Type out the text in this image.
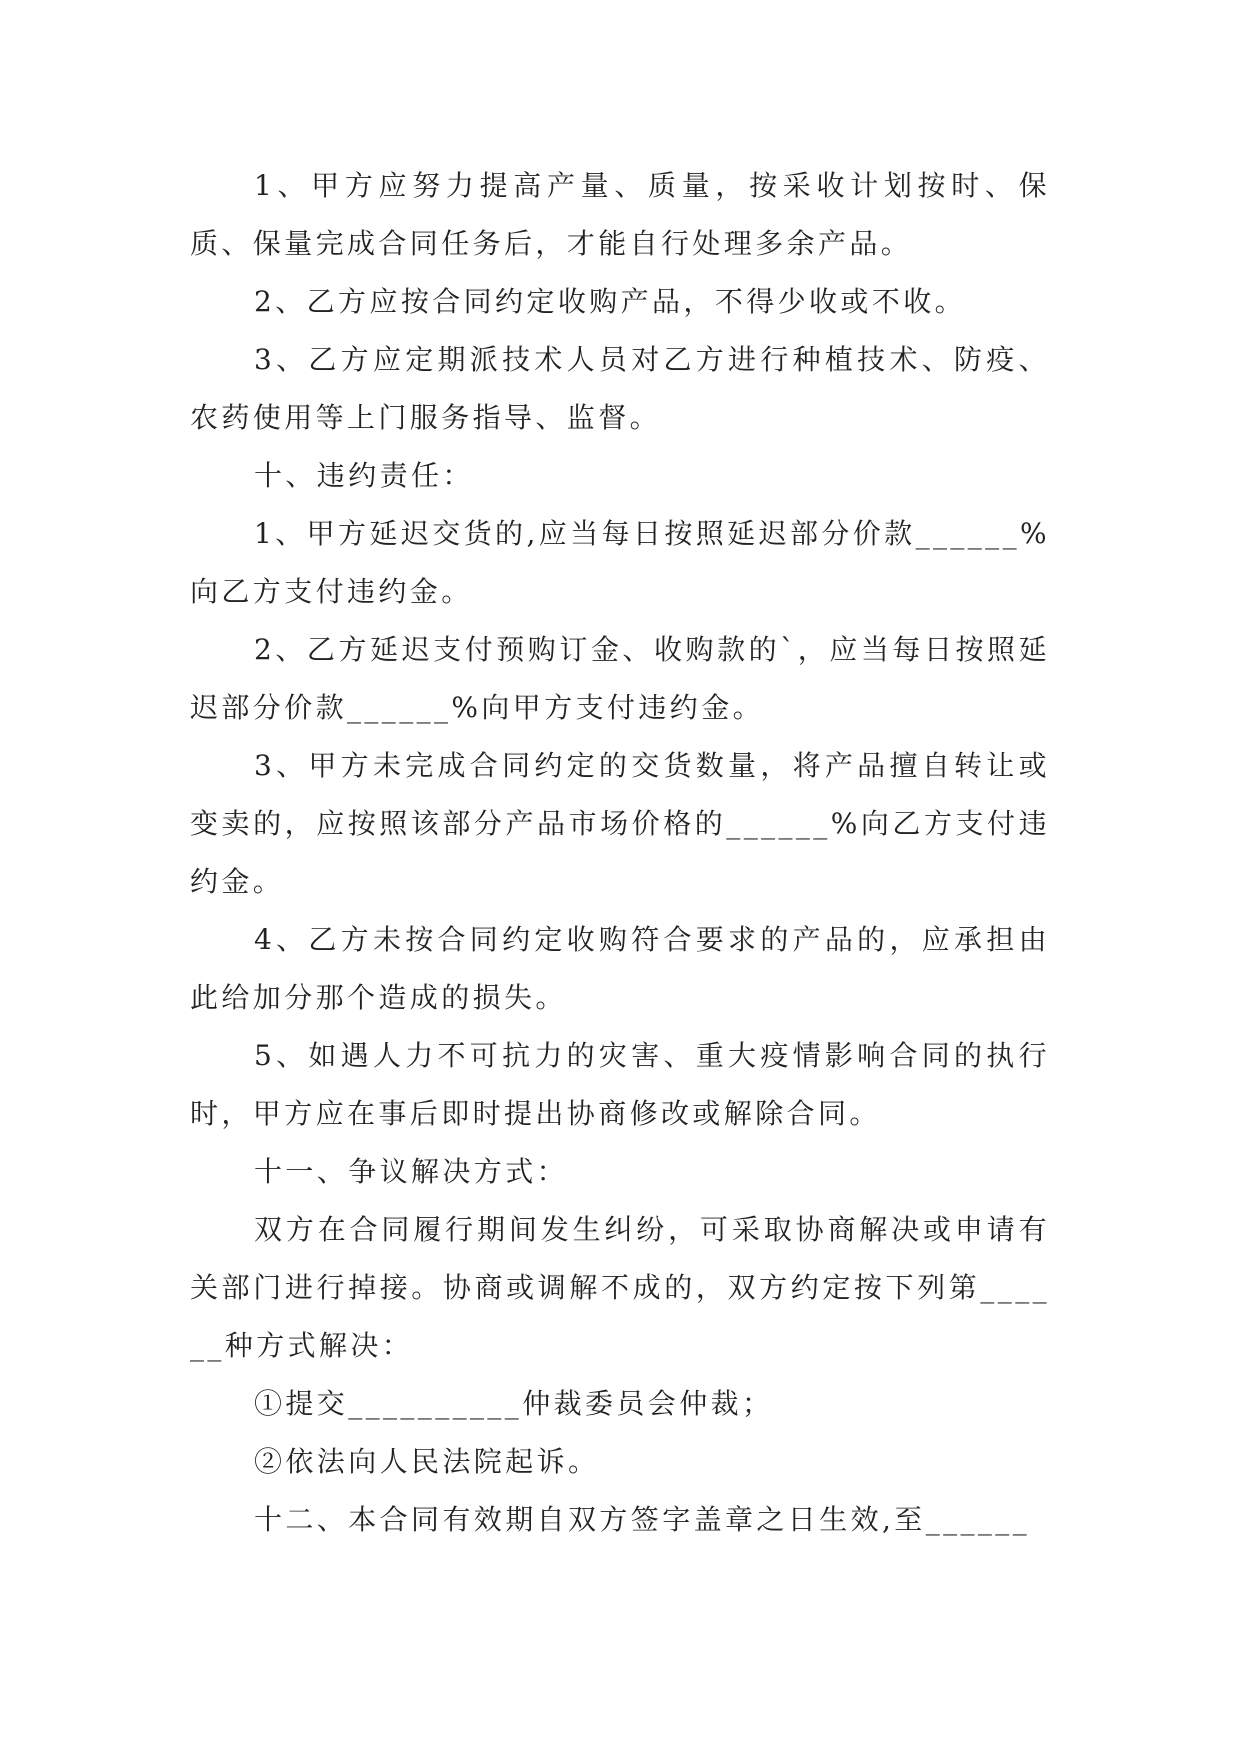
1、甲方应努力提高产量、质量，按采收计划按时、保质、保量完成合同任务后，才能自行处理多余产品。

2、乙方应按合同约定收购产品，不得少收或不收。

3、乙方应定期派技术人员对乙方进行种植技术、防疫、农药使用等上门服务指导、监督。

十、违约责任：

1、甲方延迟交货的,应当每日按照延迟部分价款______%向乙方支付违约金。

2、乙方延迟支付预购订金、收购款的`，应当每日按照延迟部分价款______%向甲方支付违约金。

3、甲方未完成合同约定的交货数量，将产品擅自转让或变卖的，应按照该部分产品市场价格的______%向乙方支付违约金。

4、乙方未按合同约定收购符合要求的产品的，应承担由此给加分那个造成的损失。

5、如遇人力不可抗力的灾害、重大疫情影响合同的执行时，甲方应在事后即时提出协商修改或解除合同。

十一、争议解决方式：

双方在合同履行期间发生纠纷，可采取协商解决或申请有关部门进行掉接。协商或调解不成的，双方约定按下列第______种方式解决：

①提交__________仲裁委员会仲裁；

②依法向人民法院起诉。

十二、本合同有效期自双方签字盖章之日生效,至______
